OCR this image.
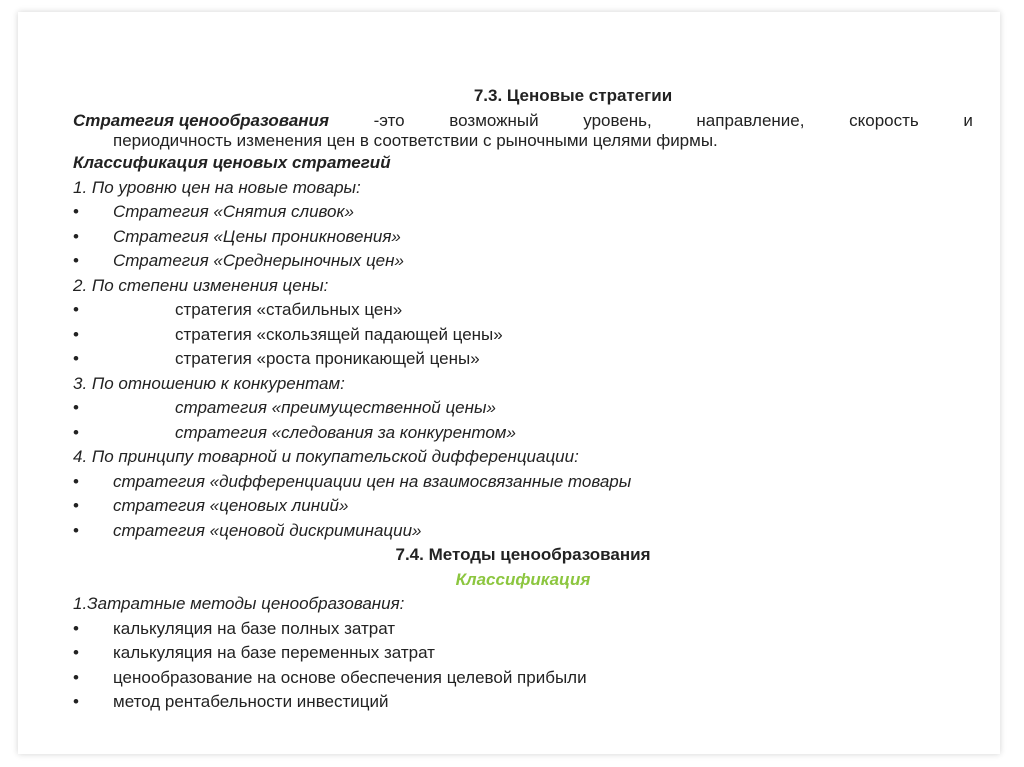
7.3. Ценовые стратегии
Стратегия ценообразования	-это	возможный	уровень,	направление,	скорость	и
периодичность изменения цен в соответствии с рыночными целями фирмы.
Классификация ценовых стратегий
1. По уровню цен на новые товары:
•	Стратегия «Снятия сливок»
•	Стратегия «Цены проникновения»
•	Стратегия «Среднерыночных цен»
2. По степени изменения цены:
•	стратегия «стабильных цен»
•	стратегия «скользящей падающей цены»
•	стратегия «роста проникающей цены»
3. По отношению к конкурентам:
•	стратегия «преимущественной цены»
•	стратегия «следования за конкурентом»
4. По принципу товарной и покупательской дифференциации:
•	стратегия «дифференциации цен на взаимосвязанные товары
•	стратегия «ценовых линий»
•	стратегия «ценовой дискриминации»
7.4. Методы ценообразования
Классификация
1.Затратные методы ценообразования:
•	калькуляция на базе полных затрат
•	калькуляция на базе переменных затрат
•	ценообразование на основе обеспечения целевой прибыли
•	метод рентабельности инвестиций
